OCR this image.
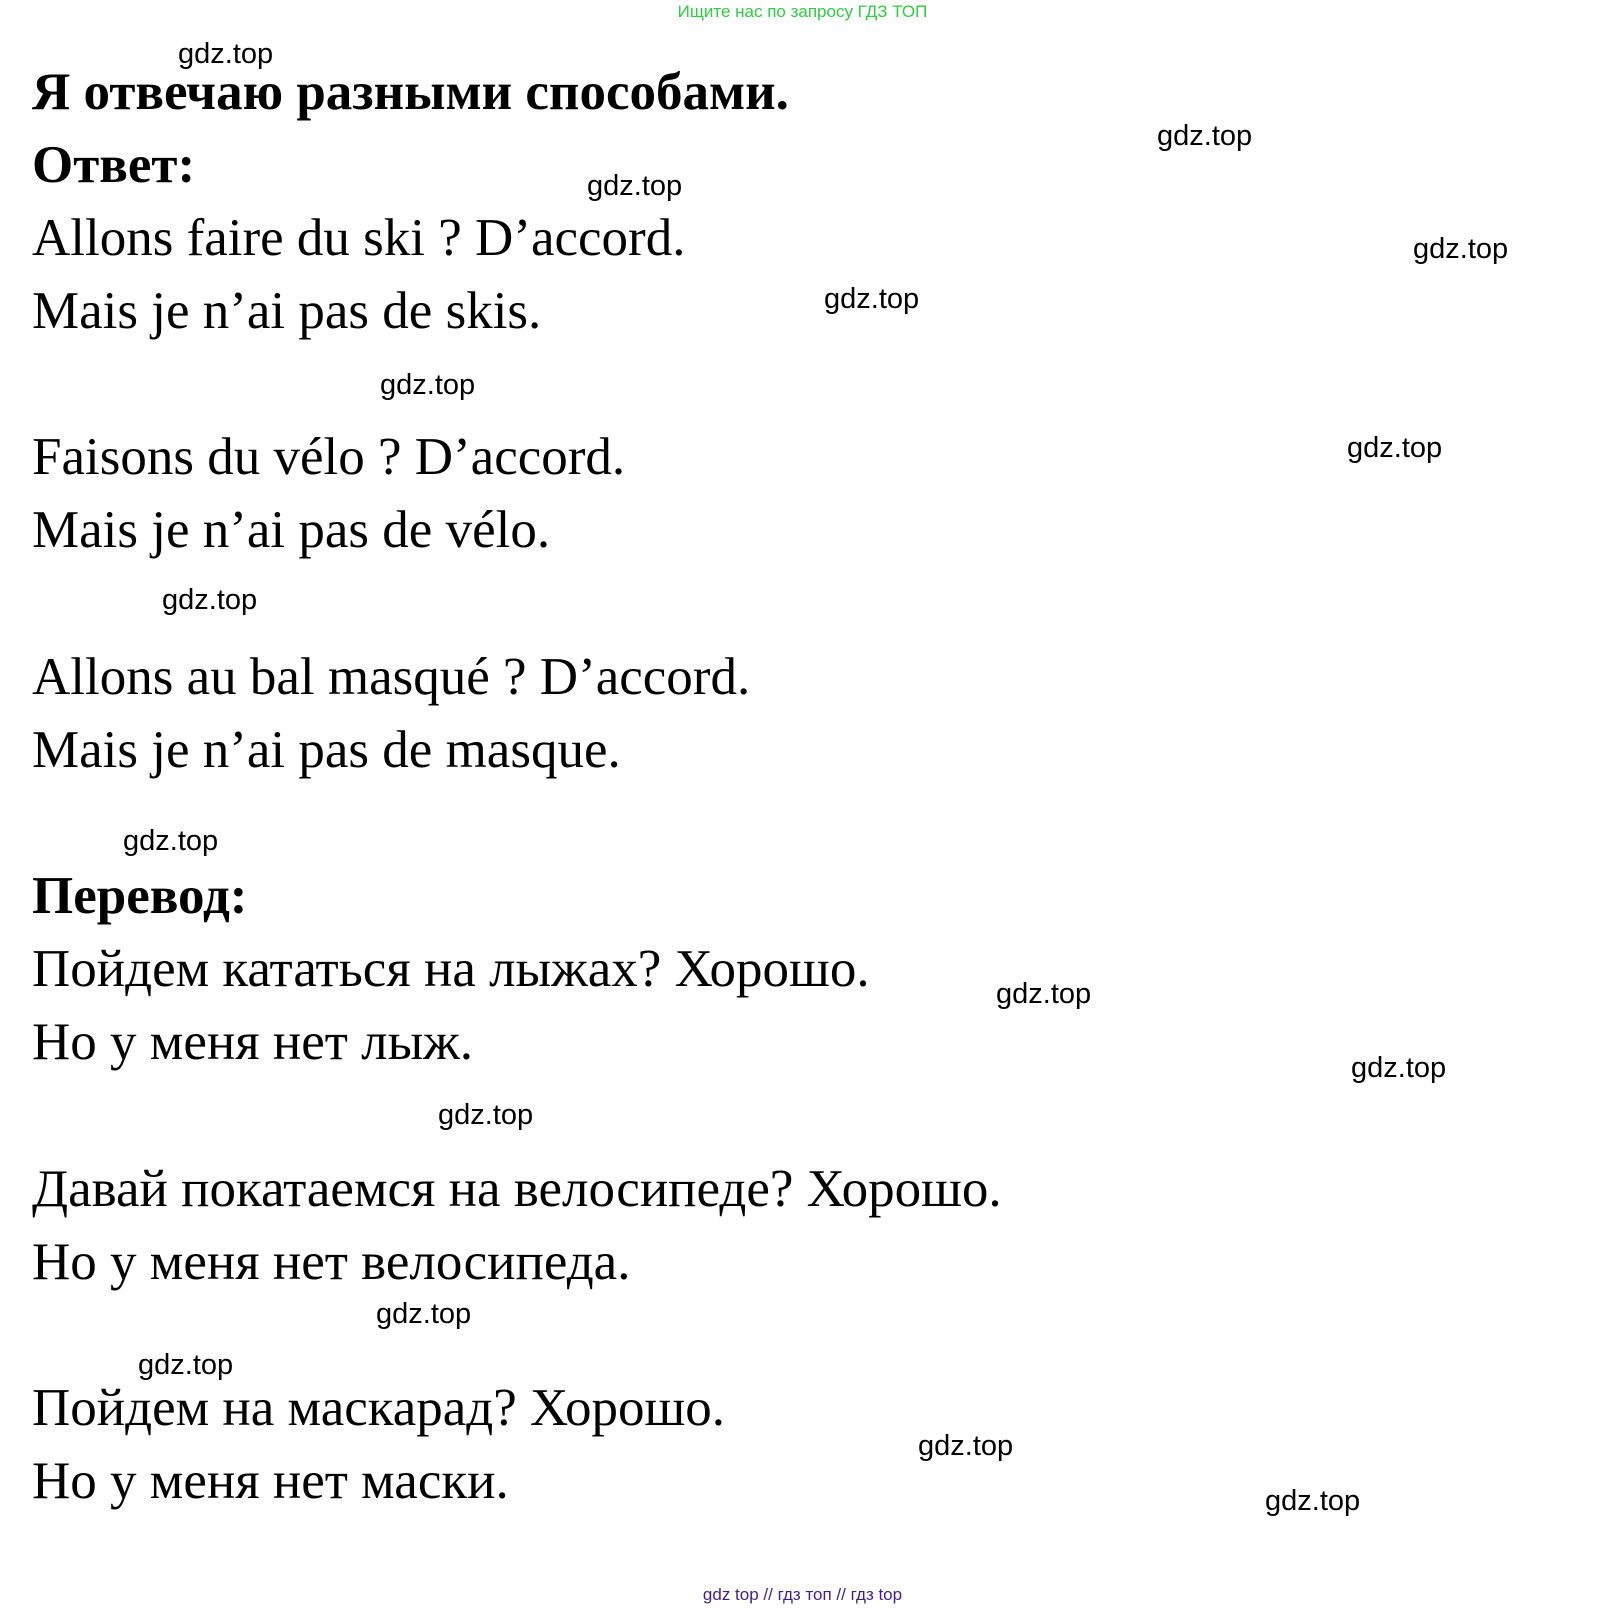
Ищите нас по запросу ГДЗ ТОП
Я отвечаю разными способами.
Ответ:
Allons faire du ski ? D’accord.
Mais je n’ai pas de skis.
Faisons du vélo ? D’accord.
Mais je n’ai pas de vélo.
Allons au bal masqué ? D’accord.
Mais je n’ai pas de masque.
Перевод:
Пойдем кататься на лыжах? Хорошо.
Но у меня нет лыж.
Давай покатаемся на велосипеде? Хорошо.
Но у меня нет велосипеда.
Пойдем на маскарад? Хорошо.
Но у меня нет маски.
gdz.top
gdz.top
gdz.top
gdz.top
gdz.top
gdz.top
gdz.top
gdz.top
gdz.top
gdz.top
gdz.top
gdz.top
gdz.top
gdz.top
gdz.top
gdz.top
gdz top // гдз топ // гдз top
